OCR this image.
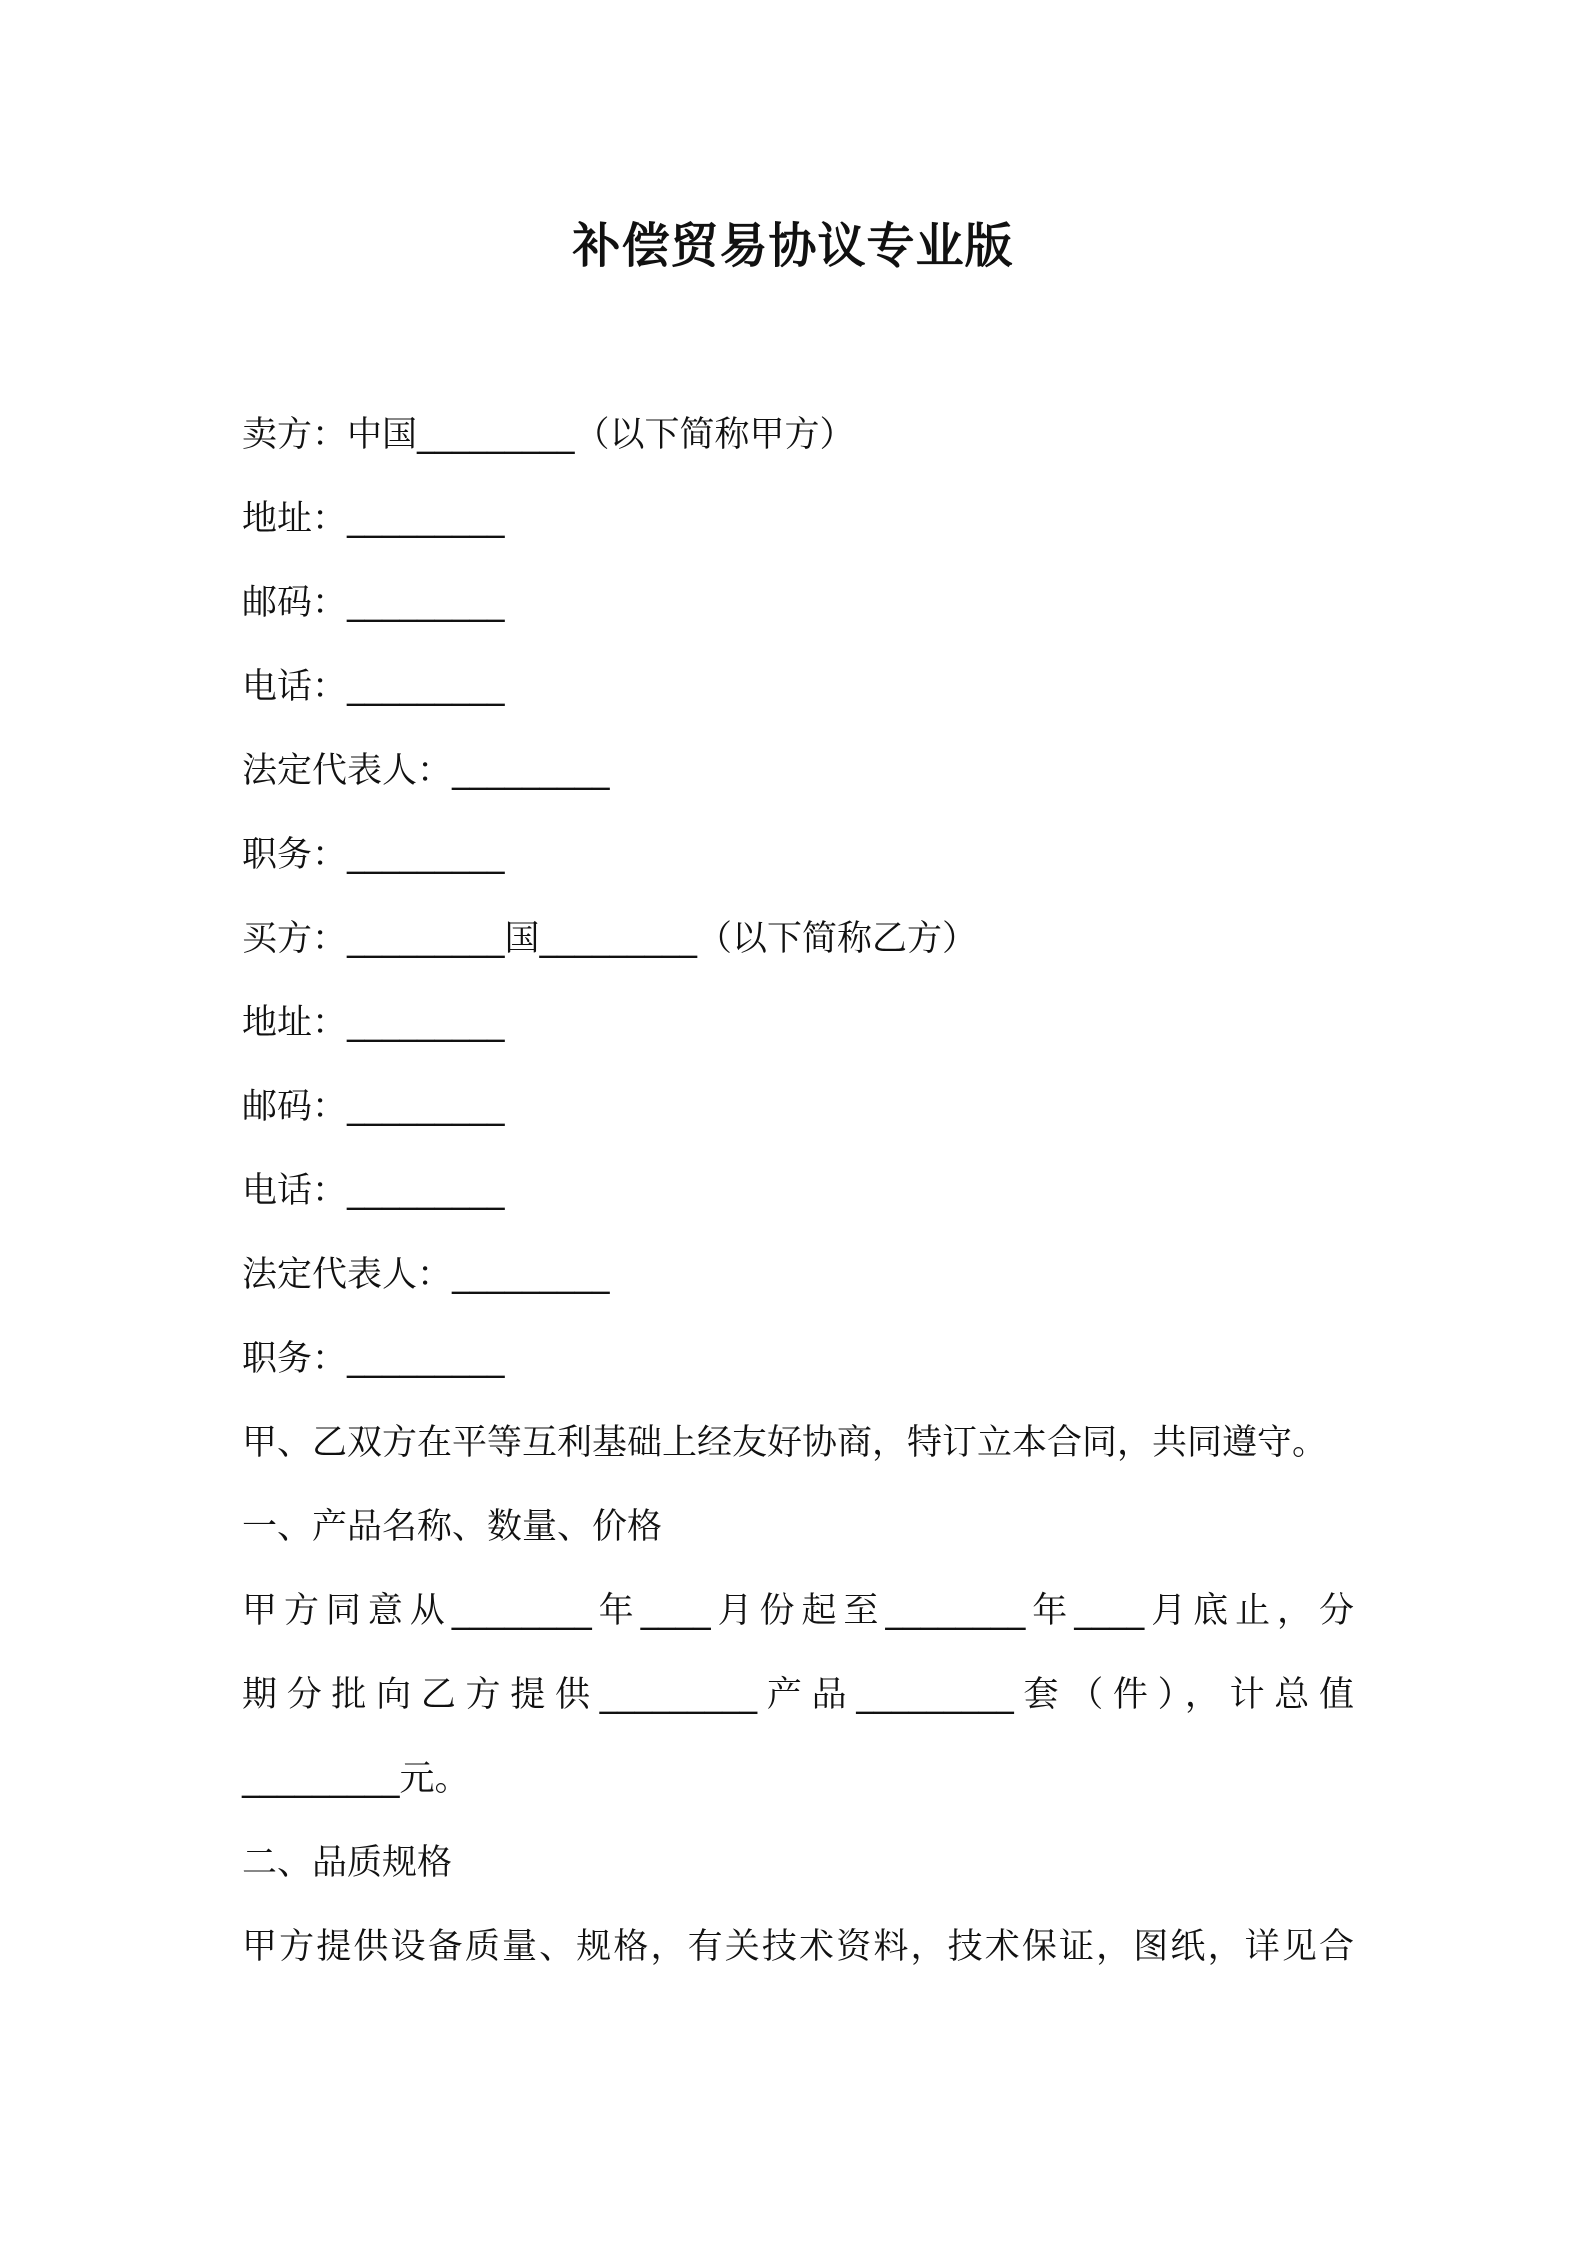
补偿贸易协议专业版

卖方：中国_________（以下简称甲方）

地址：_________

邮码：_________

电话：_________

法定代表人：_________

职务：_________

买方：_________国_________（以下简称乙方）

地址：_________

邮码：_________

电话：_________

法定代表人：_________

职务：_________

甲、乙双方在平等互利基础上经友好协商，特订立本合同，共同遵守。

一、产品名称、数量、价格

甲方同意从________年____月份起至________年____月底止，分

期分批向乙方提供_________产品_________套（件），计总值

_________元。

二、品质规格

甲方提供设备质量、规格，有关技术资料，技术保证，图纸，详见合
